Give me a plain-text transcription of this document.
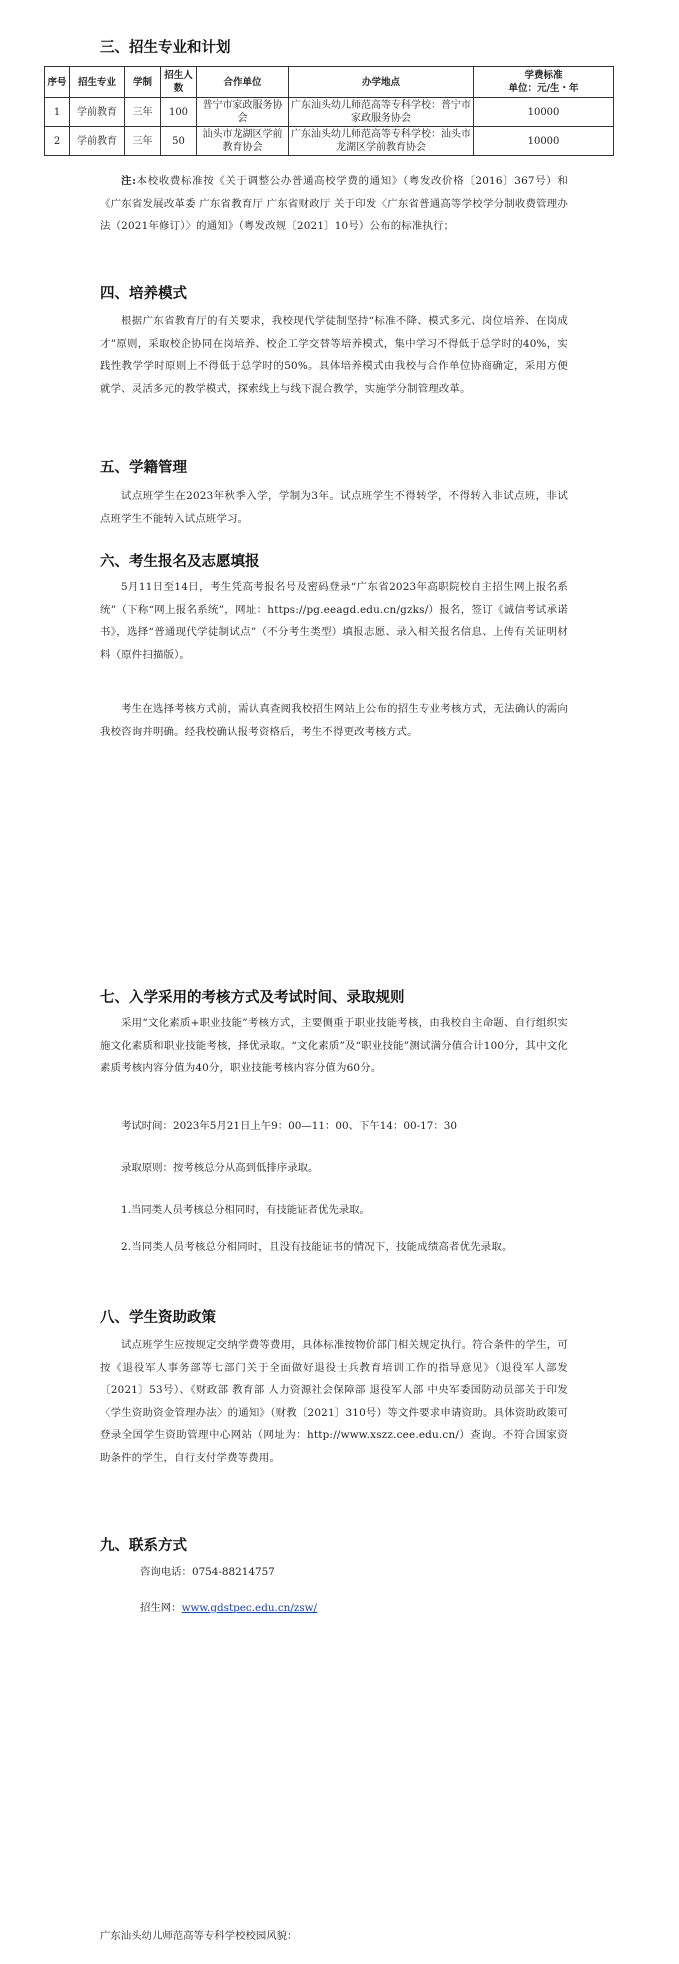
三、招生专业和计划
序号	招生专业	学制	招生人数	合作单位	办学地点	学费标准
单位：元/生・年
1	学前教育	三年	100	普宁市家政服务协会	广东汕头幼儿师范高等专科学校：普宁市家政服务协会	10000
2	学前教育	三年	50	汕头市龙湖区学前教育协会	广东汕头幼儿师范高等专科学校：汕头市龙湖区学前教育协会	10000

注:本校收费标准按《关于调整公办普通高校学费的通知》（粤发改价格〔2016〕367号）和《广东省发展改革委 广东省教育厅 广东省财政厅 关于印发〈广东省普通高等学校学分制收费管理办法（2021年修订）〉的通知》（粤发改规〔2021〕10号）公布的标准执行；

四、培养模式

根据广东省教育厅的有关要求，我校现代学徒制坚持“标准不降、模式多元、岗位培养、在岗成才”原则，采取校企协同在岗培养、校企工学交替等培养模式，集中学习不得低于总学时的40%，实践性教学学时原则上不得低于总学时的50%。具体培养模式由我校与合作单位协商确定，采用方便就学、灵活多元的教学模式，探索线上与线下混合教学，实施学分制管理改革。

五、学籍管理

试点班学生在2023年秋季入学，学制为3年。试点班学生不得转学，不得转入非试点班，非试点班学生不能转入试点班学习。

六、考生报名及志愿填报

5月11日至14日，考生凭高考报名号及密码登录“广东省2023年高职院校自主招生网上报名系统”（下称“网上报名系统”，网址：https://pg.eeagd.edu.cn/gzks/）报名，签订《诚信考试承诺书》，选择“普通现代学徒制试点”（不分考生类型）填报志愿、录入相关报名信息、上传有关证明材料（原件扫描版）。

考生在选择考核方式前，需认真查阅我校招生网站上公布的招生专业考核方式，无法确认的需向我校咨询并明确。经我校确认报考资格后，考生不得更改考核方式。

七、入学采用的考核方式及考试时间、录取规则

采用“文化素质+职业技能”考核方式，主要侧重于职业技能考核，由我校自主命题、自行组织实施文化素质和职业技能考核，择优录取。“文化素质”及“职业技能”测试满分值合计100分，其中文化素质考核内容分值为40分，职业技能考核内容分值为60分。

考试时间：2023年5月21日上午9：00—11：00、下午14：00-17：30

录取原则：按考核总分从高到低排序录取。

1.当同类人员考核总分相同时，有技能证者优先录取。

2.当同类人员考核总分相同时，且没有技能证书的情况下，技能成绩高者优先录取。

八、学生资助政策

试点班学生应按规定交纳学费等费用，具体标准按物价部门相关规定执行。符合条件的学生，可按《退役军人事务部等七部门关于全面做好退役士兵教育培训工作的指导意见》（退役军人部发〔2021〕53号）、《财政部 教育部 人力资源社会保障部 退役军人部 中央军委国防动员部关于印发〈学生资助资金管理办法〉的通知》（财教〔2021〕310号）等文件要求申请资助。具体资助政策可登录全国学生资助管理中心网站（网址为：http://www.xszz.cee.edu.cn/）查询。不符合国家资助条件的学生，自行支付学费等费用。

九、联系方式

咨询电话：0754-88214757

招生网：www.gdstpec.edu.cn/zsw/

广东汕头幼儿师范高等专科学校校园风貌：
